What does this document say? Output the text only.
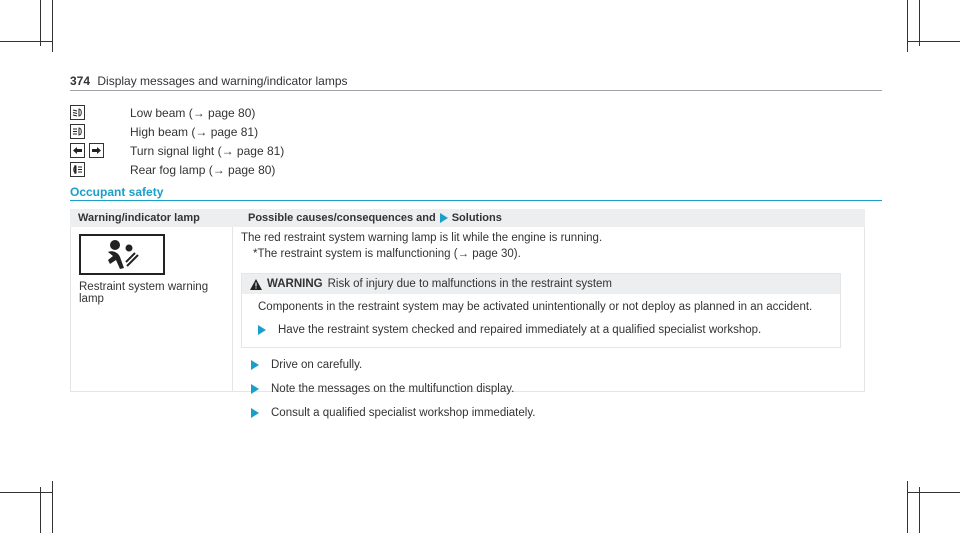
374 Display messages and warning/indicator lamps
Low beam (→ page 80)
High beam (→ page 81)
Turn signal light (→ page 81)
Rear fog lamp (→ page 80)
Occupant safety
Warning/indicator lamp	Possible causes/consequences and Solutions
Restraint system warning lamp
The red restraint system warning lamp is lit while the engine is running.
*The restraint system is malfunctioning (→ page 30).
WARNING Risk of injury due to malfunctions in the restraint system
Components in the restraint system may be activated unintentionally or not deploy as planned in an accident.
Have the restraint system checked and repaired immediately at a qualified specialist workshop.
Drive on carefully.
Note the messages on the multifunction display.
Consult a qualified specialist workshop immediately.
